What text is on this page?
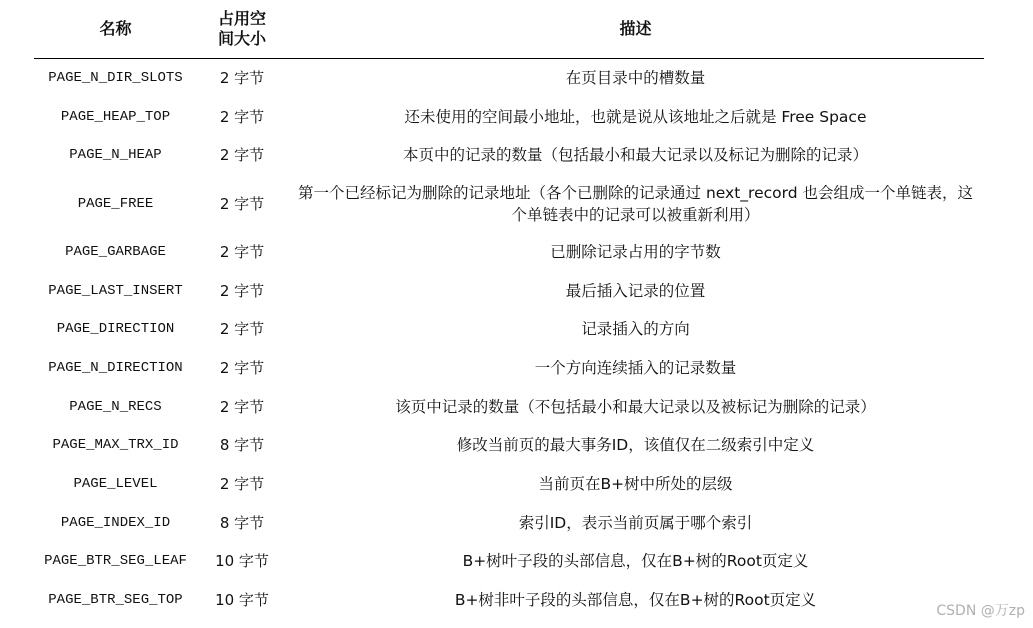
名称	占用空间大小	描述
PAGE_N_DIR_SLOTS	2 字节	在页目录中的槽数量
PAGE_HEAP_TOP	2 字节	还未使用的空间最小地址，也就是说从该地址之后就是 Free Space
PAGE_N_HEAP	2 字节	本页中的记录的数量（包括最小和最大记录以及标记为删除的记录）
PAGE_FREE	2 字节	第一个已经标记为删除的记录地址（各个已删除的记录通过 next_record 也会组成一个单链表，这个单链表中的记录可以被重新利用）
PAGE_GARBAGE	2 字节	已删除记录占用的字节数
PAGE_LAST_INSERT	2 字节	最后插入记录的位置
PAGE_DIRECTION	2 字节	记录插入的方向
PAGE_N_DIRECTION	2 字节	一个方向连续插入的记录数量
PAGE_N_RECS	2 字节	该页中记录的数量（不包括最小和最大记录以及被标记为删除的记录）
PAGE_MAX_TRX_ID	8 字节	修改当前页的最大事务ID，该值仅在二级索引中定义
PAGE_LEVEL	2 字节	当前页在B+树中所处的层级
PAGE_INDEX_ID	8 字节	索引ID，表示当前页属于哪个索引
PAGE_BTR_SEG_LEAF	10 字节	B+树叶子段的头部信息，仅在B+树的Root页定义
PAGE_BTR_SEG_TOP	10 字节	B+树非叶子段的头部信息，仅在B+树的Root页定义
CSDN @万zp
